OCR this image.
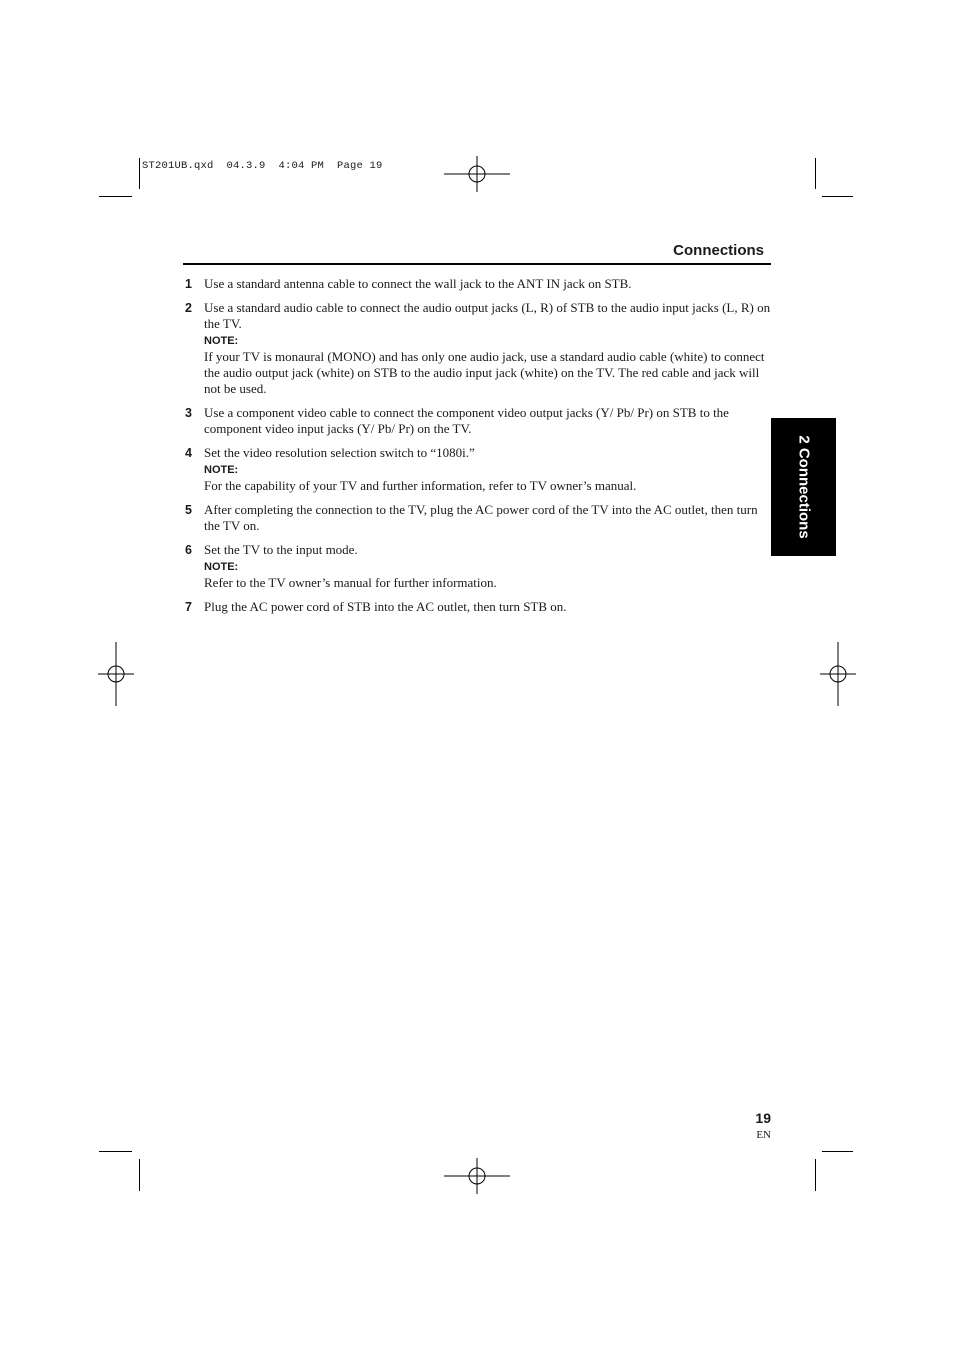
ST201UB.qxd  04.3.9  4:04 PM  Page 19
Connections
1 Use a standard antenna cable to connect the wall jack to the ANT IN jack on STB.
2 Use a standard audio cable to connect the audio output jacks (L, R) of STB to the audio input jacks (L, R) on the TV.
NOTE:
If your TV is monaural (MONO) and has only one audio jack, use a standard audio cable (white) to connect the audio output jack (white) on STB to the audio input jack (white) on the TV. The red cable and jack will not be used.
3 Use a component video cable to connect the component video output jacks (Y/ Pb/ Pr) on STB to the component video input jacks (Y/ Pb/ Pr) on the TV.
4 Set the video resolution selection switch to “1080i.”
NOTE:
For the capability of your TV and further information, refer to TV owner’s manual.
5 After completing the connection to the TV, plug the AC power cord of the TV into the AC outlet, then turn the TV on.
6 Set the TV to the input mode.
NOTE:
Refer to the TV owner’s manual for further information.
7 Plug the AC power cord of STB into the AC outlet, then turn STB on.
2 Connections
19
EN
